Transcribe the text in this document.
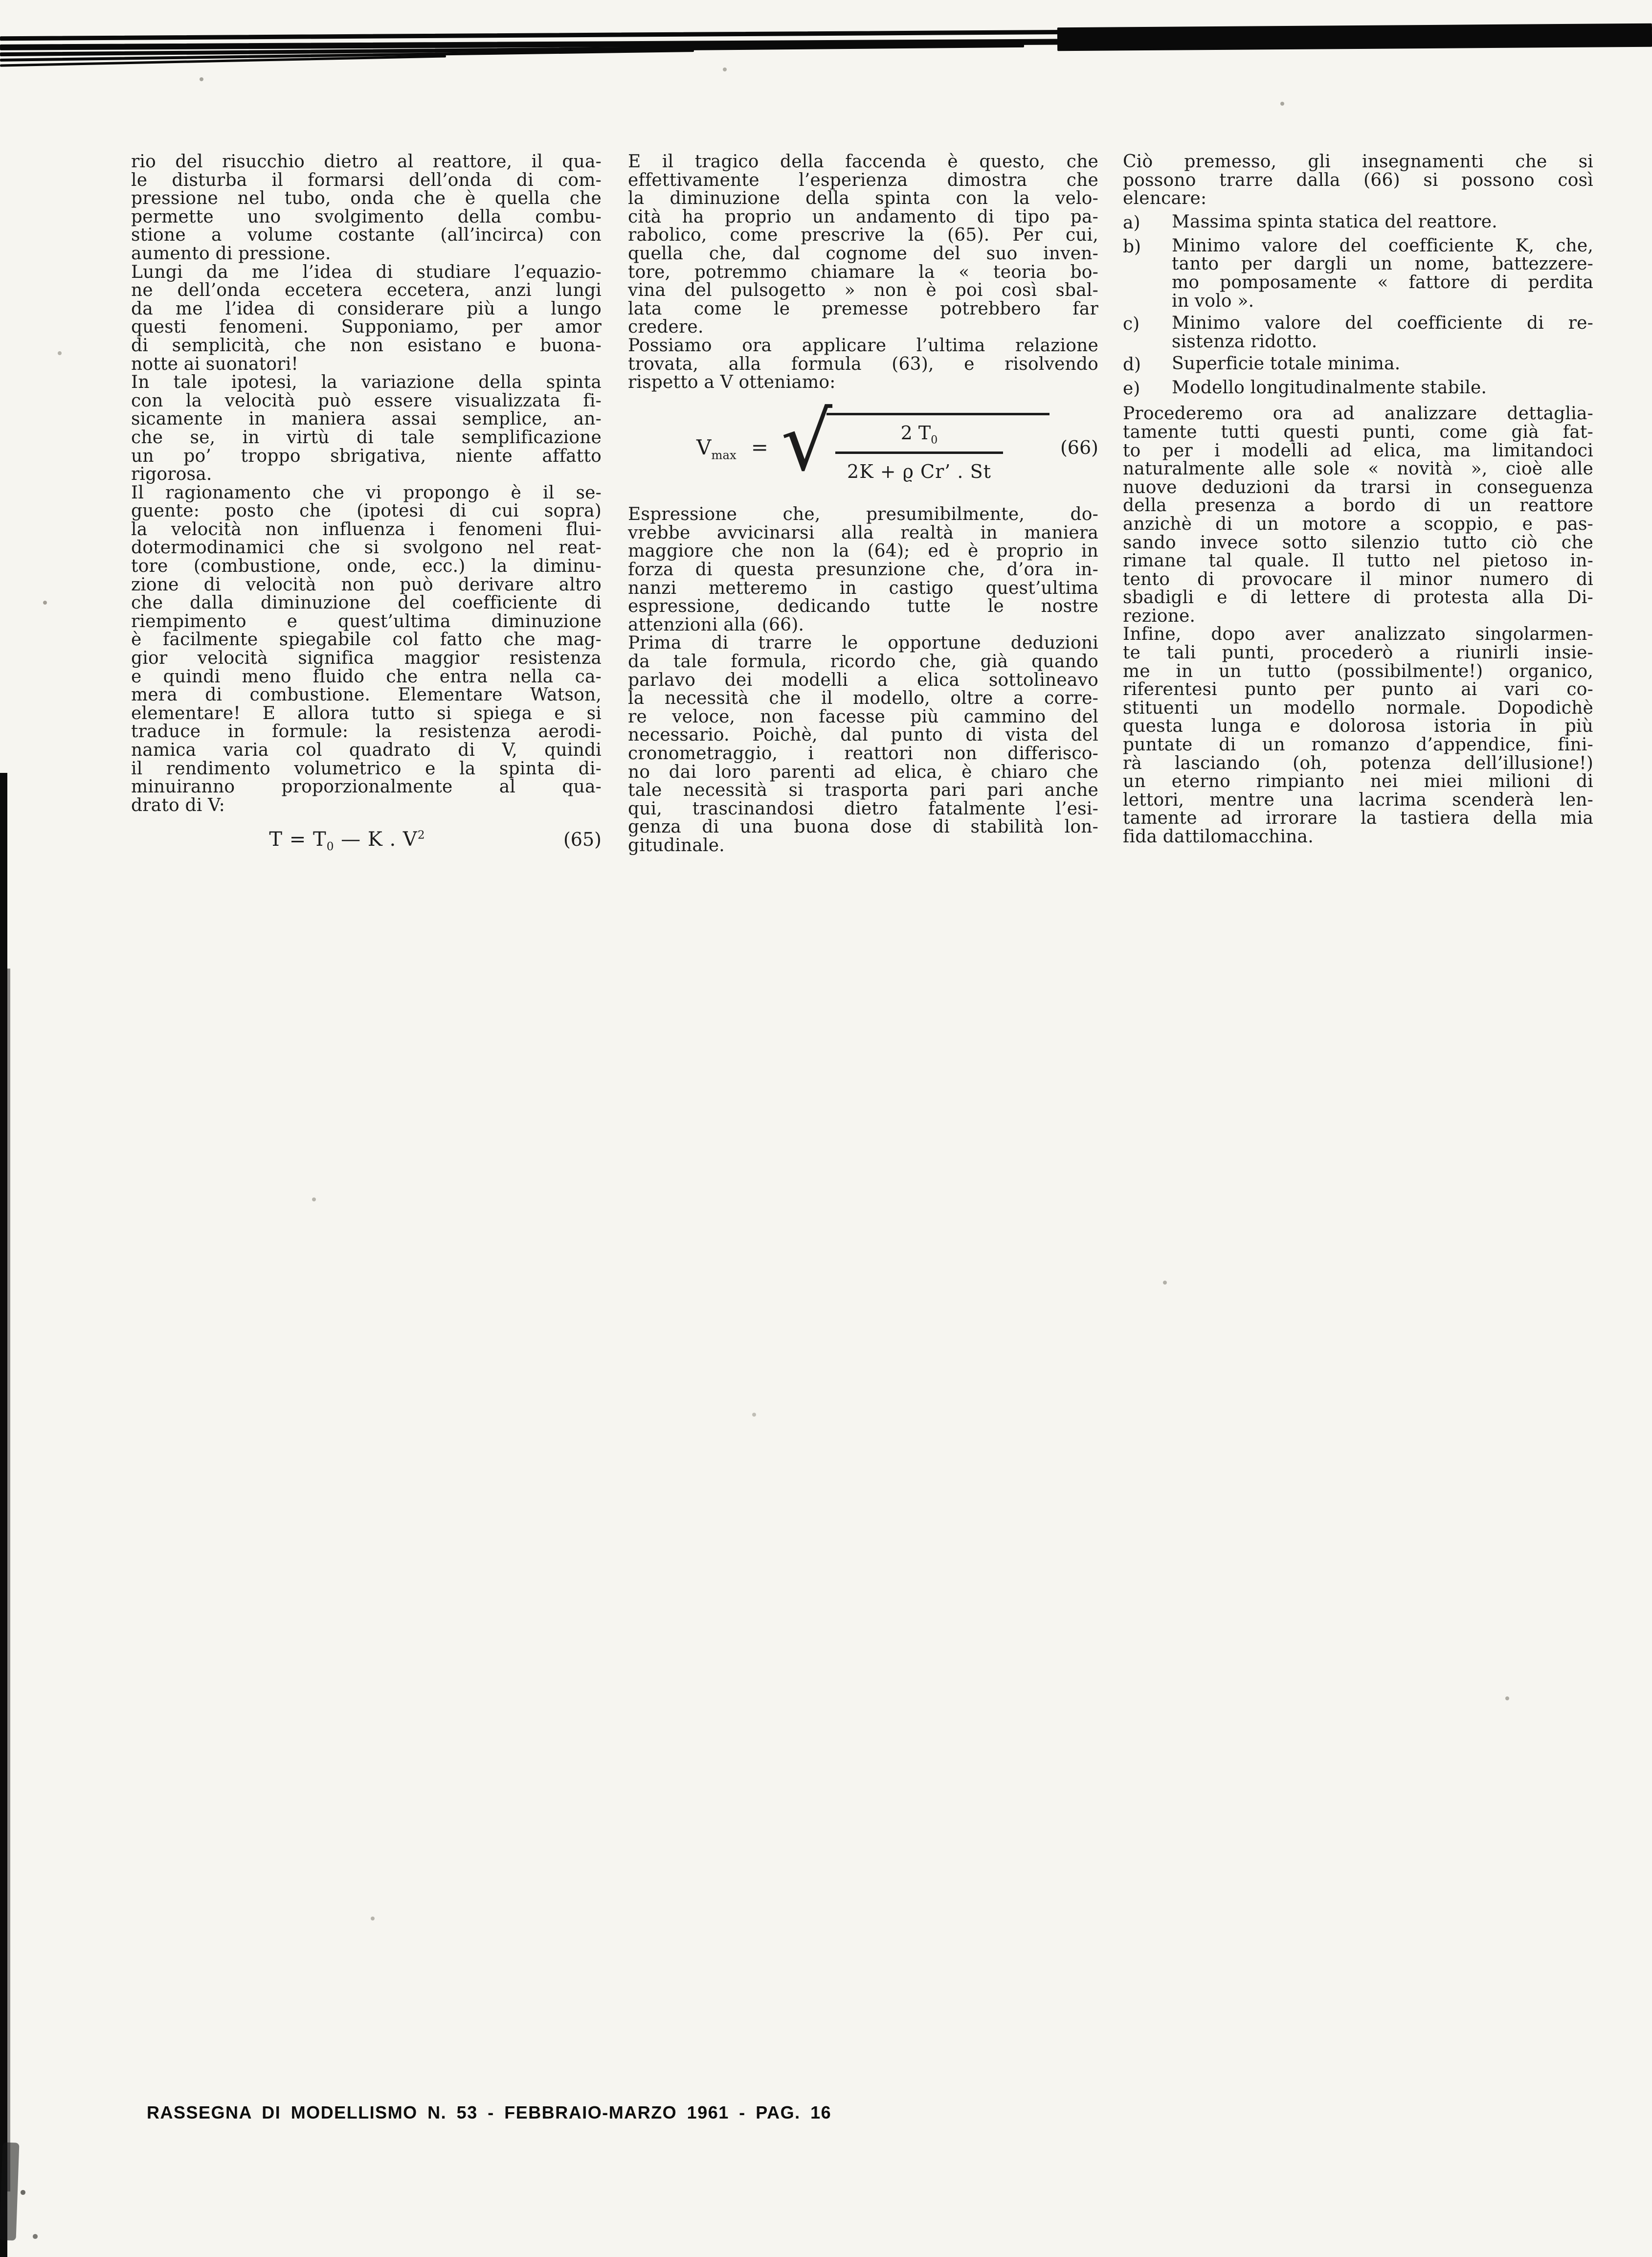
rio del risucchio dietro al reattore, il qua-
le disturba il formarsi dell’onda di com-
pressione nel tubo, onda che è quella che
permette uno svolgimento della combu-
stione a volume costante (all’incirca) con
aumento di pressione.
Lungi da me l’idea di studiare l’equazio-
ne dell’onda eccetera eccetera, anzi lungi
da me l’idea di considerare più a lungo
questi fenomeni. Supponiamo, per amor
di semplicità, che non esistano e buona-
notte ai suonatori!
In tale ipotesi, la variazione della spinta
con la velocità può essere visualizzata fi-
sicamente in maniera assai semplice, an-
che se, in virtù di tale semplificazione
un po’ troppo sbrigativa, niente affatto
rigorosa.
Il ragionamento che vi propongo è il se-
guente: posto che (ipotesi di cui sopra)
la velocità non influenza i fenomeni flui-
dotermodinamici che si svolgono nel reat-
tore (combustione, onde, ecc.) la diminu-
zione di velocità non può derivare altro
che dalla diminuzione del coefficiente di
riempimento e quest’ultima diminuzione
è facilmente spiegabile col fatto che mag-
gior velocità significa maggior resistenza
e quindi meno fluido che entra nella ca-
mera di combustione. Elementare Watson,
elementare! E allora tutto si spiega e si
traduce in formule: la resistenza aerodi-
namica varia col quadrato di V, quindi
il rendimento volumetrico e la spinta di-
minuiranno proporzionalmente al qua-
drato di V:
$T = T_0$ — K . $V^2$	(65)
E il tragico della faccenda è questo, che
effettivamente l’esperienza dimostra che
la diminuzione della spinta con la velo-
cità ha proprio un andamento di tipo pa-
rabolico, come prescrive la (65). Per cui,
quella che, dal cognome del suo inven-
tore, potremmo chiamare la « teoria bo-
vina del pulsogetto » non è poi così sbal-
lata come le premesse potrebbero far
credere.
Possiamo ora applicare l’ultima relazione
trovata, alla formula (63), e risolvendo
rispetto a V otteniamo:
$V_{max}$ = √
$\frac{2 T_0}{\text{2K + ϱ Cr’ . St}} (66)$
Espressione che, presumibilmente, do-
vrebbe avvicinarsi alla realtà in maniera
maggiore che non la (64); ed è proprio in
forza di questa presunzione che, d’ora in-
nanzi metteremo in castigo quest’ultima
espressione, dedicando tutte le nostre
attenzioni alla (66).
Prima di trarre le opportune deduzioni
da tale formula, ricordo che, già quando
parlavo dei modelli a elica sottolineavo
la necessità che il modello, oltre a corre-
re veloce, non facesse più cammino del
necessario. Poichè, dal punto di vista del
cronometraggio, i reattori non differisco-
no dai loro parenti ad elica, è chiaro che
tale necessità si trasporta pari pari anche
qui, trascinandosi dietro fatalmente l’esi-
genza di una buona dose di stabilità lon-
gitudinale.
Ciò premesso, gli insegnamenti che si
possono trarre dalla (66) si possono così
elencare:
a)	Massima spinta statica del reattore.
b)	Minimo valore del coefficiente K, che,
tanto per dargli un nome, battezzere-
mo pomposamente « fattore di perdita
in volo ».
c)	Minimo valore del coefficiente di re-
sistenza ridotto.
d)	Superficie totale minima.
e)	Modello longitudinalmente stabile.
Procederemo ora ad analizzare dettaglia-
tamente tutti questi punti, come già fat-
to per i modelli ad elica, ma limitandoci
naturalmente alle sole « novità », cioè alle
nuove deduzioni da trarsi in conseguenza
della presenza a bordo di un reattore
anzichè di un motore a scoppio, e pas-
sando invece sotto silenzio tutto ciò che
rimane tal quale. Il tutto nel pietoso in-
tento di provocare il minor numero di
sbadigli e di lettere di protesta alla Di-
rezione.
Infine, dopo aver analizzato singolarmen-
te tali punti, procederò a riunirli insie-
me in un tutto (possibilmente!) organico,
riferentesi punto per punto ai vari co-
stituenti un modello normale. Dopodichè
questa lunga e dolorosa istoria in più
puntate di un romanzo d’appendice, fini-
rà lasciando (oh, potenza dell’illusione!)
un eterno rimpianto nei miei milioni di
lettori, mentre una lacrima scenderà len-
tamente ad irrorare la tastiera della mia
fida dattilomacchina.
RASSEGNA DI MODELLISMO N. 53 - FEBBRAIO-MARZO 1961 - PAG. 16
